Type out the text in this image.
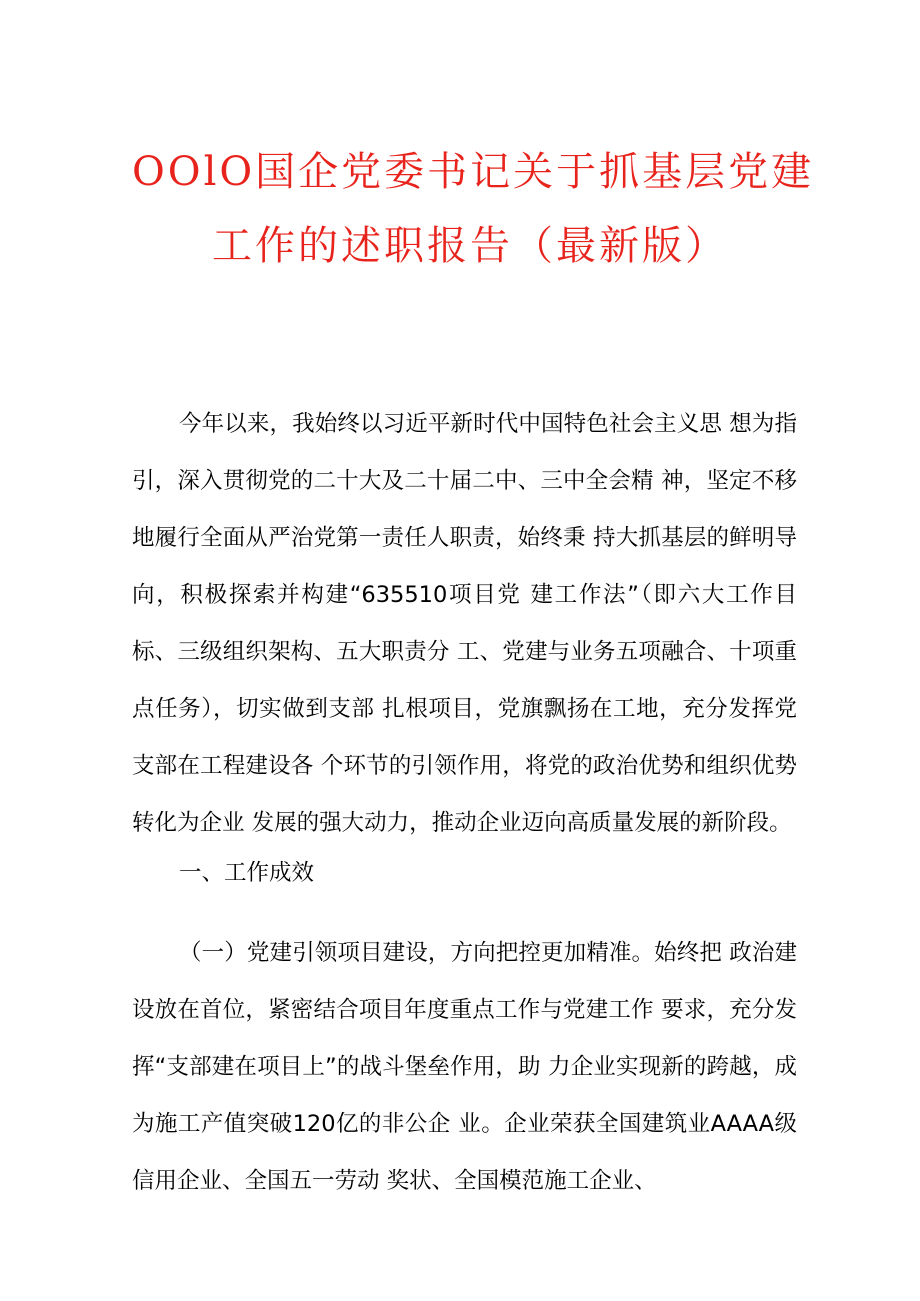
OOlO国企党委书记关于抓基层党建
工作的述职报告（最新版）

今年以来，我始终以习近平新时代中国特色社会主义思 想为指引，深入贯彻党的二十大及二十届二中、三中全会精 神，坚定不移地履行全面从严治党第一责任人职责，始终秉 持大抓基层的鲜明导向，积极探索并构建“635510项目党 建工作法”（即六大工作目标、三级组织架构、五大职责分 工、党建与业务五项融合、十项重点任务），切实做到支部 扎根项目，党旗飘扬在工地，充分发挥党支部在工程建设各 个环节的引领作用，将党的政治优势和组织优势转化为企业 发展的强大动力，推动企业迈向高质量发展的新阶段。

一、工作成效

（一）党建引领项目建设，方向把控更加精准。始终把 政治建设放在首位，紧密结合项目年度重点工作与党建工作 要求，充分发挥“支部建在项目上”的战斗堡垒作用，助 力企业实现新的跨越，成为施工产值突破120亿的非公企 业。企业荣获全国建筑业AAAA级信用企业、全国五一劳动 奖状、全国模范施工企业、
